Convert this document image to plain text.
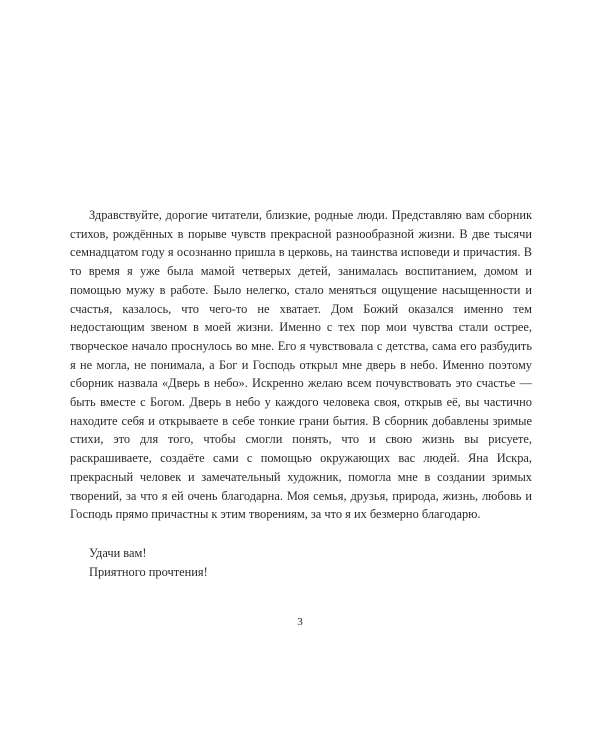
Здравствуйте, дорогие читатели, близкие, родные люди. Представляю вам сборник стихов, рождённых в порыве чувств прекрасной разнообразной жизни. В две тысячи семнадцатом году я осознанно пришла в церковь, на таинства исповеди и причастия. В то время я уже была мамой четверых детей, занималась воспитанием, домом и помощью мужу в работе. Было нелегко, стало меняться ощущение насыщенности и счастья, казалось, что чего-то не хватает. Дом Божий оказался именно тем недостающим звеном в моей жизни. Именно с тех пор мои чувства стали острее, творческое начало проснулось во мне. Его я чувствовала с детства, сама его разбудить я не могла, не понимала, а Бог и Господь открыл мне дверь в небо. Именно поэтому сборник назвала «Дверь в небо». Искренно желаю всем почувствовать это счастье — быть вместе с Богом. Дверь в небо у каждого человека своя, открыв её, вы частично находите себя и открываете в себе тонкие грани бытия. В сборник добавлены зримые стихи, это для того, чтобы смогли понять, что и свою жизнь вы рисуете, раскрашиваете, создаёте сами с помощью окружающих вас людей. Яна Искра, прекрасный человек и замечательный художник, помогла мне в создании зримых творений, за что я ей очень благодарна. Моя семья, друзья, природа, жизнь, любовь и Господь прямо причастны к этим творениям, за что я их безмерно благодарю.

Удачи вам!
Приятного прочтения!
3
